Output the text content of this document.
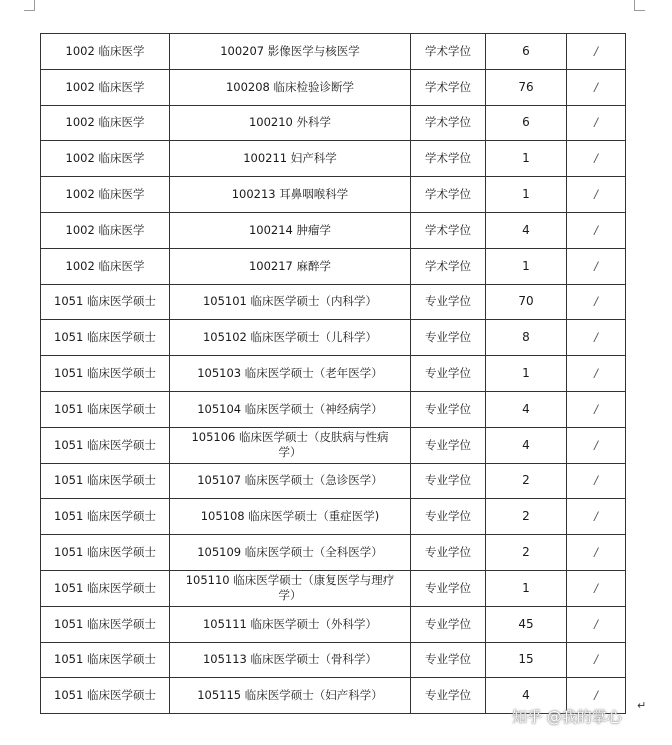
1002 临床医学	100207 影像医学与核医学	学术学位	6	/
1002 临床医学	100208 临床检验诊断学	学术学位	76	/
1002 临床医学	100210 外科学	学术学位	6	/
1002 临床医学	100211 妇产科学	学术学位	1	/
1002 临床医学	100213 耳鼻咽喉科学	学术学位	1	/
1002 临床医学	100214 肿瘤学	学术学位	4	/
1002 临床医学	100217 麻醉学	学术学位	1	/
1051 临床医学硕士	105101 临床医学硕士（内科学）	专业学位	70	/
1051 临床医学硕士	105102 临床医学硕士（儿科学）	专业学位	8	/
1051 临床医学硕士	105103 临床医学硕士（老年医学）	专业学位	1	/
1051 临床医学硕士	105104 临床医学硕士（神经病学）	专业学位	4	/
1051 临床医学硕士	105106 临床医学硕士（皮肤病与性病学）	专业学位	4	/
1051 临床医学硕士	105107 临床医学硕士（急诊医学）	专业学位	2	/
1051 临床医学硕士	105108 临床医学硕士（重症医学)	专业学位	2	/
1051 临床医学硕士	105109 临床医学硕士（全科医学）	专业学位	2	/
1051 临床医学硕士	105110 临床医学硕士（康复医学与理疗学）	专业学位	1	/
1051 临床医学硕士	105111 临床医学硕士（外科学）	专业学位	45	/
1051 临床医学硕士	105113 临床医学硕士（骨科学）	专业学位	15	/
1051 临床医学硕士	105115 临床医学硕士（妇产科学）	专业学位	4	/
↵
知乎 @我的掌心
